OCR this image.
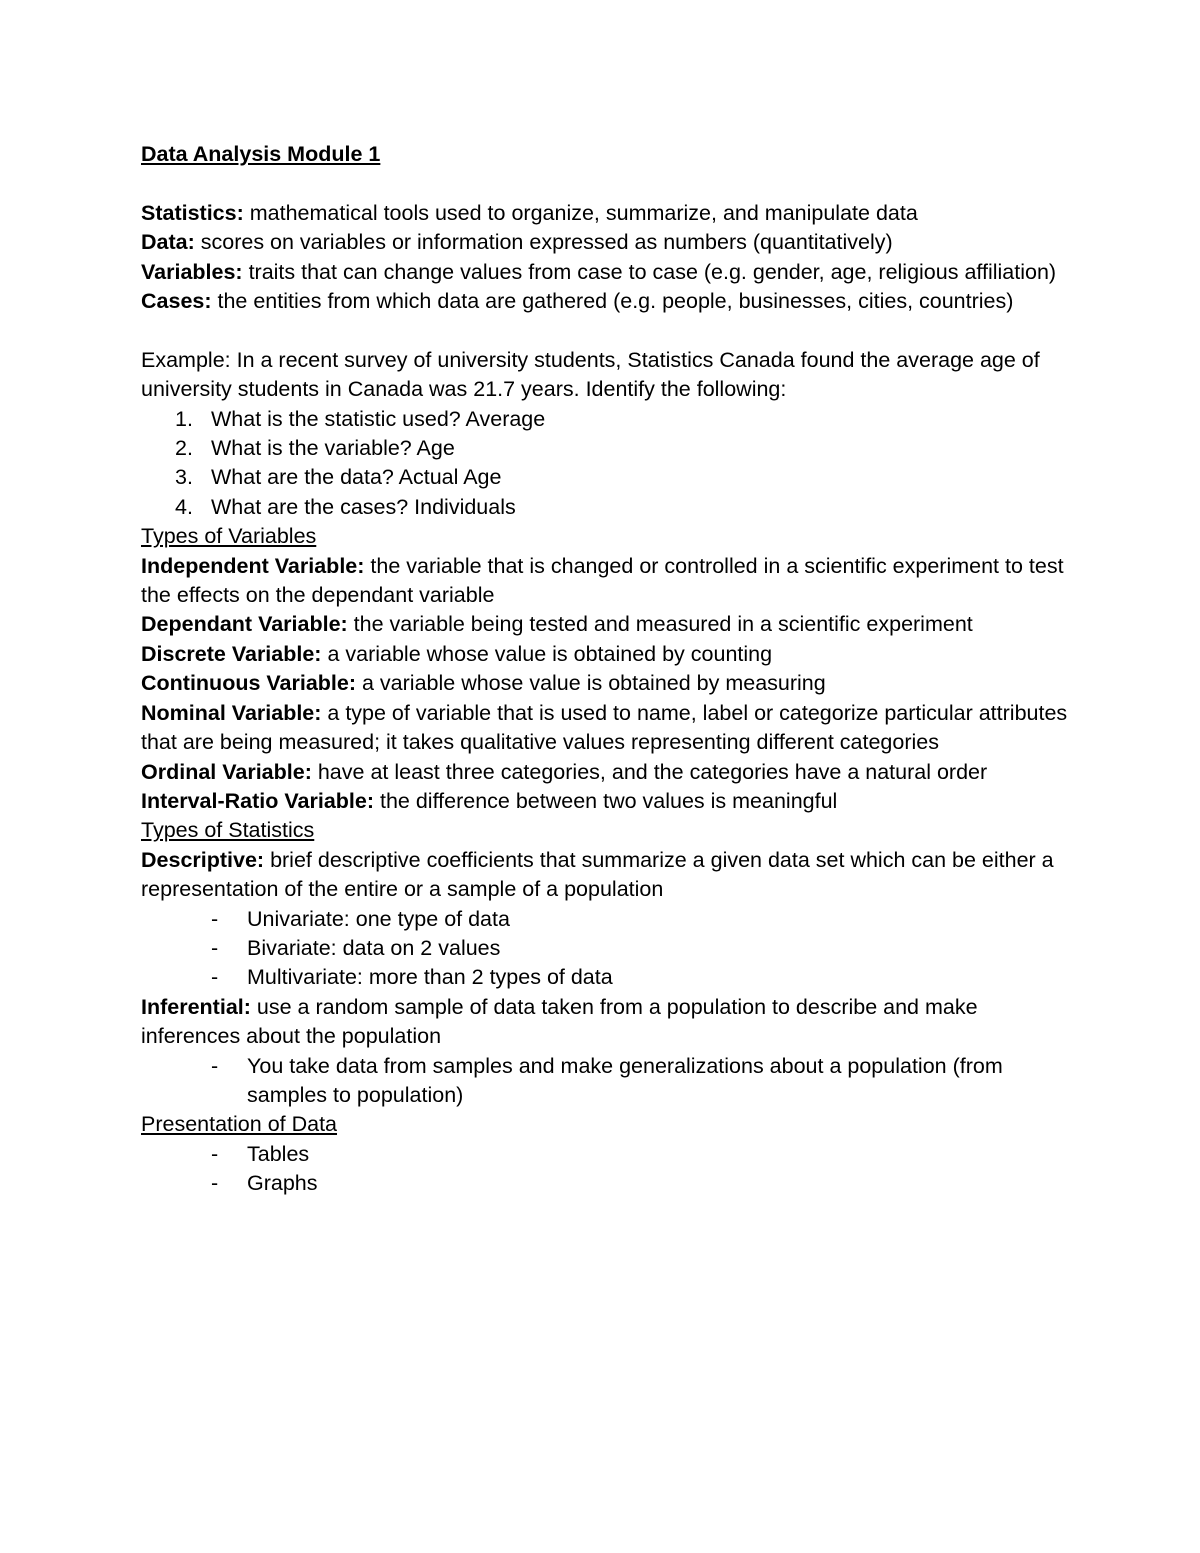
Data Analysis Module 1

Statistics: mathematical tools used to organize, summarize, and manipulate data

Data: scores on variables or information expressed as numbers (quantitatively)

Variables: traits that can change values from case to case (e.g. gender, age, religious affiliation)

Cases: the entities from which data are gathered (e.g. people, businesses, cities, countries)

Example: In a recent survey of university students, Statistics Canada found the average age of university students in Canada was 21.7 years. Identify the following:

1. What is the statistic used? Average
2. What is the variable? Age
3. What are the data? Actual Age
4. What are the cases? Individuals

Types of Variables

Independent Variable: the variable that is changed or controlled in a scientific experiment to test the effects on the dependant variable

Dependant Variable: the variable being tested and measured in a scientific experiment

Discrete Variable: a variable whose value is obtained by counting

Continuous Variable: a variable whose value is obtained by measuring

Nominal Variable: a type of variable that is used to name, label or categorize particular attributes that are being measured; it takes qualitative values representing different categories

Ordinal Variable: have at least three categories, and the categories have a natural order

Interval-Ratio Variable: the difference between two values is meaningful

Types of Statistics

Descriptive: brief descriptive coefficients that summarize a given data set which can be either a representation of the entire or a sample of a population

- Univariate: one type of data
- Bivariate: data on 2 values
- Multivariate: more than 2 types of data

Inferential: use a random sample of data taken from a population to describe and make inferences about the population

- You take data from samples and make generalizations about a population (from samples to population)

Presentation of Data

- Tables
- Graphs
